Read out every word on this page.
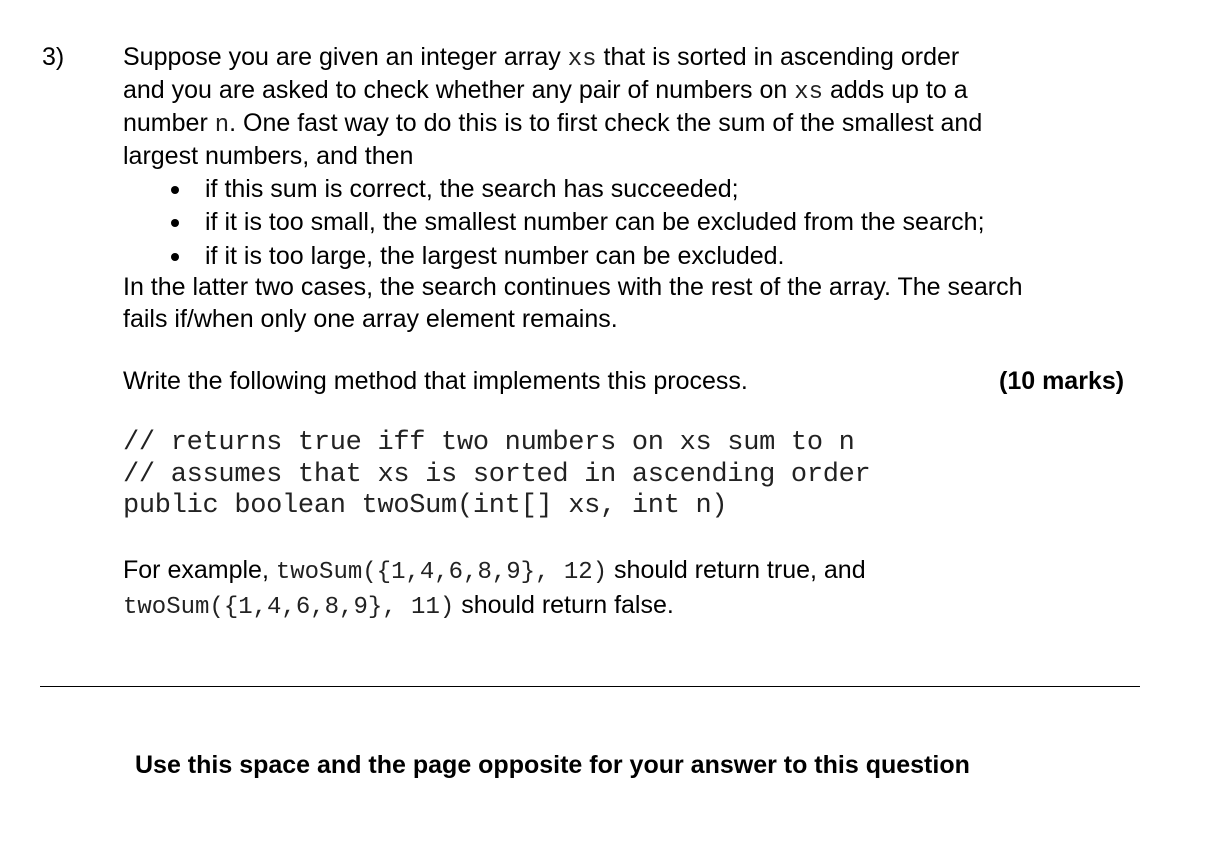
3) Suppose you are given an integer array xs that is sorted in ascending order
and you are asked to check whether any pair of numbers on xs adds up to a
number n. One fast way to do this is to first check the sum of the smallest and
largest numbers, and then
if this sum is correct, the search has succeeded;
if it is too small, the smallest number can be excluded from the search;
if it is too large, the largest number can be excluded.
In the latter two cases, the search continues with the rest of the array. The search
fails if/when only one array element remains.
Write the following method that implements this process.	(10 marks)
// returns true iff two numbers on xs sum to n
// assumes that xs is sorted in ascending order
public boolean twoSum(int[] xs, int n)
For example, twoSum({1,4,6,8,9}, 12) should return true, and
twoSum({1,4,6,8,9}, 11) should return false.
Use this space and the page opposite for your answer to this question
